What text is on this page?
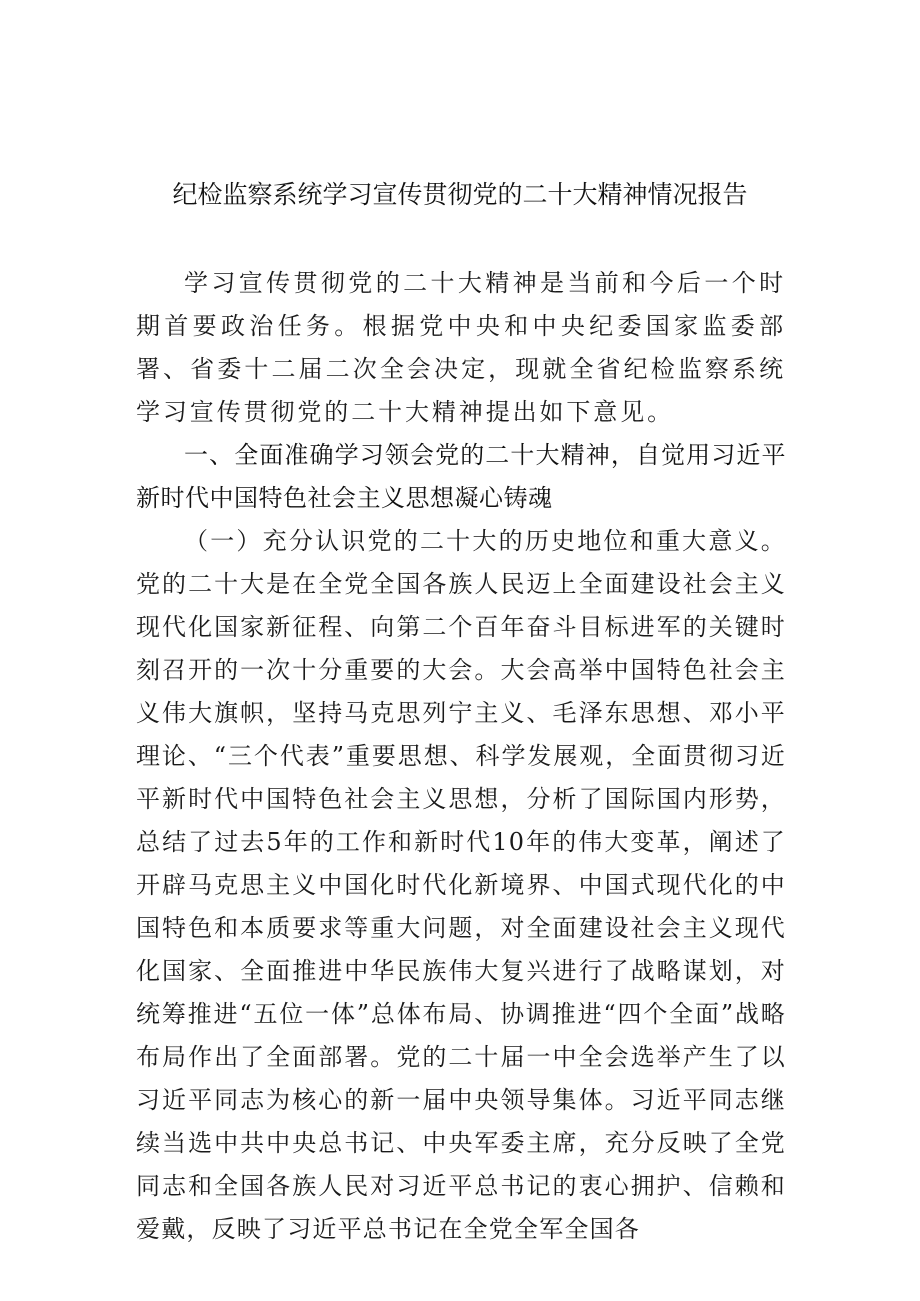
纪检监察系统学习宣传贯彻党的二十大精神情况报告

学习宣传贯彻党的二十大精神是当前和今后一个时期首要政治任务。根据党中央和中央纪委国家监委部署、省委十二届二次全会决定，现就全省纪检监察系统学习宣传贯彻党的二十大精神提出如下意见。

一、全面准确学习领会党的二十大精神，自觉用习近平新时代中国特色社会主义思想凝心铸魂

（一）充分认识党的二十大的历史地位和重大意义。党的二十大是在全党全国各族人民迈上全面建设社会主义现代化国家新征程、向第二个百年奋斗目标进军的关键时刻召开的一次十分重要的大会。大会高举中国特色社会主义伟大旗帜，坚持马克思列宁主义、毛泽东思想、邓小平理论、“三个代表”重要思想、科学发展观，全面贯彻习近平新时代中国特色社会主义思想，分析了国际国内形势，总结了过去5年的工作和新时代10年的伟大变革，阐述了开辟马克思主义中国化时代化新境界、中国式现代化的中国特色和本质要求等重大问题，对全面建设社会主义现代化国家、全面推进中华民族伟大复兴进行了战略谋划，对统筹推进“五位一体”总体布局、协调推进“四个全面”战略布局作出了全面部署。党的二十届一中全会选举产生了以习近平同志为核心的新一届中央领导集体。习近平同志继续当选中共中央总书记、中央军委主席，充分反映了全党同志和全国各族人民对习近平总书记的衷心拥护、信赖和爱戴，反映了习近平总书记在全党全军全国各
